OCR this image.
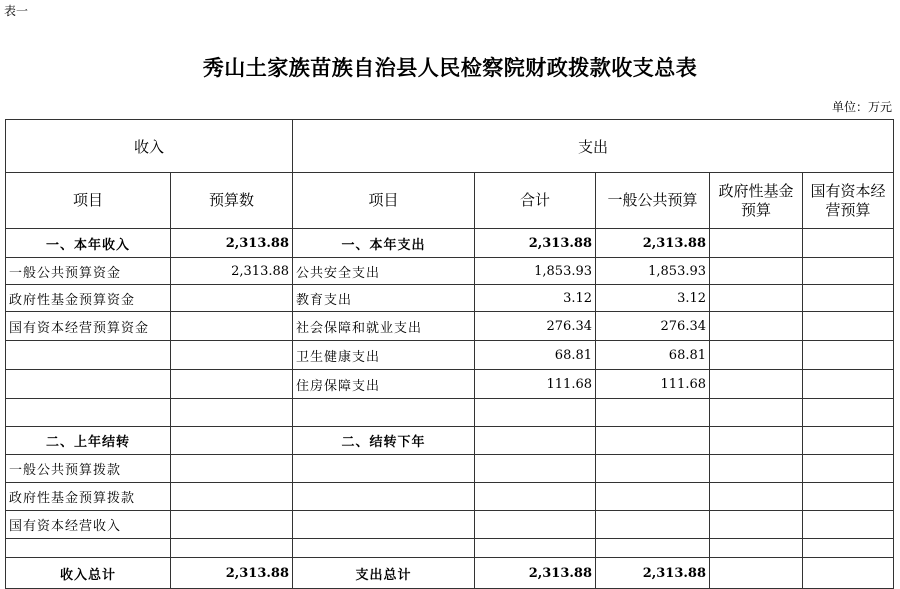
表一
秀山土家族苗族自治县人民检察院财政拨款收支总表
单位：万元
收入		支出				
项目	预算数	项目	合计	一般公共预算	政府性基金预算	国有资本经营预算
一、本年收入	2,313.88	一、本年支出	2,313.88	2,313.88		
一般公共预算资金	2,313.88	公共安全支出	1,853.93	1,853.93		
政府性基金预算资金		教育支出	3.12	3.12		
国有资本经营预算资金		社会保障和就业支出	276.34	276.34		
		卫生健康支出	68.81	68.81		
		住房保障支出	111.68	111.68		

二、上年结转		二、结转下年				
一般公共预算拨款						
政府性基金预算拨款						
国有资本经营收入						

收入总计	2,313.88	支出总计	2,313.88	2,313.88		
